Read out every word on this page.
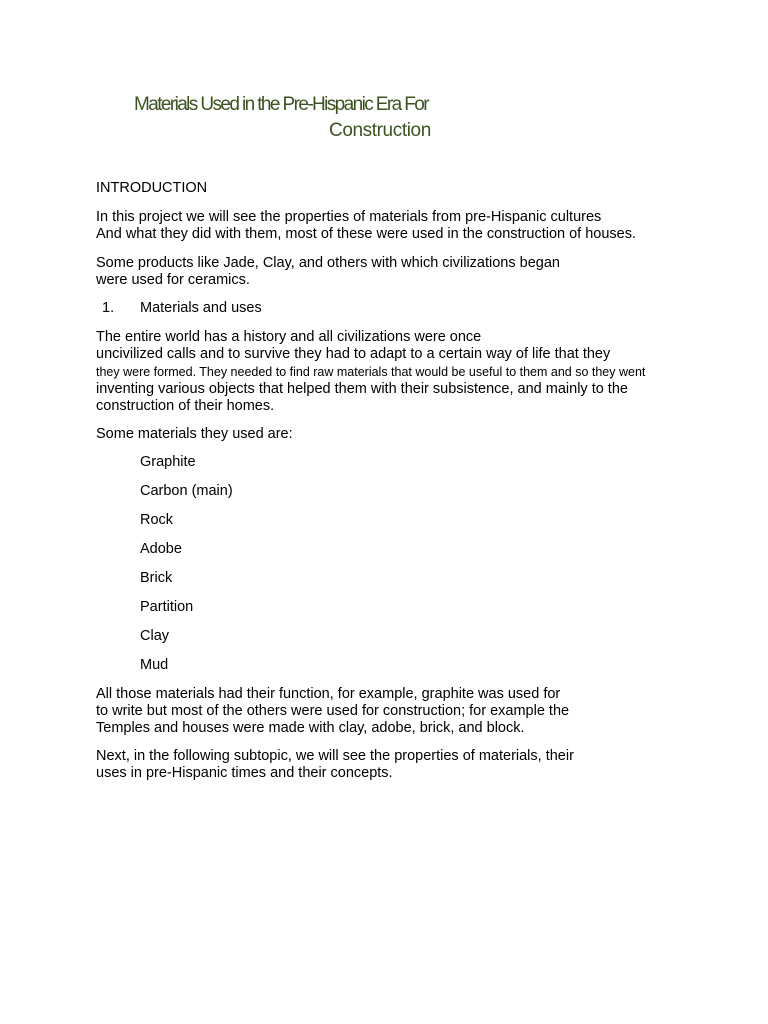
Materials Used in the Pre-Hispanic Era For
Construction
INTRODUCTION
In this project we will see the properties of materials from pre-Hispanic cultures
And what they did with them, most of these were used in the construction of houses.
Some products like Jade, Clay, and others with which civilizations began
were used for ceramics.
1. Materials and uses
The entire world has a history and all civilizations were once
uncivilized calls and to survive they had to adapt to a certain way of life that they
they were formed. They needed to find raw materials that would be useful to them and so they went
inventing various objects that helped them with their subsistence, and mainly to the
construction of their homes.
Some materials they used are:
Graphite
Carbon (main)
Rock
Adobe
Brick
Partition
Clay
Mud
All those materials had their function, for example, graphite was used for
to write but most of the others were used for construction; for example the
Temples and houses were made with clay, adobe, brick, and block.
Next, in the following subtopic, we will see the properties of materials, their
uses in pre-Hispanic times and their concepts.
